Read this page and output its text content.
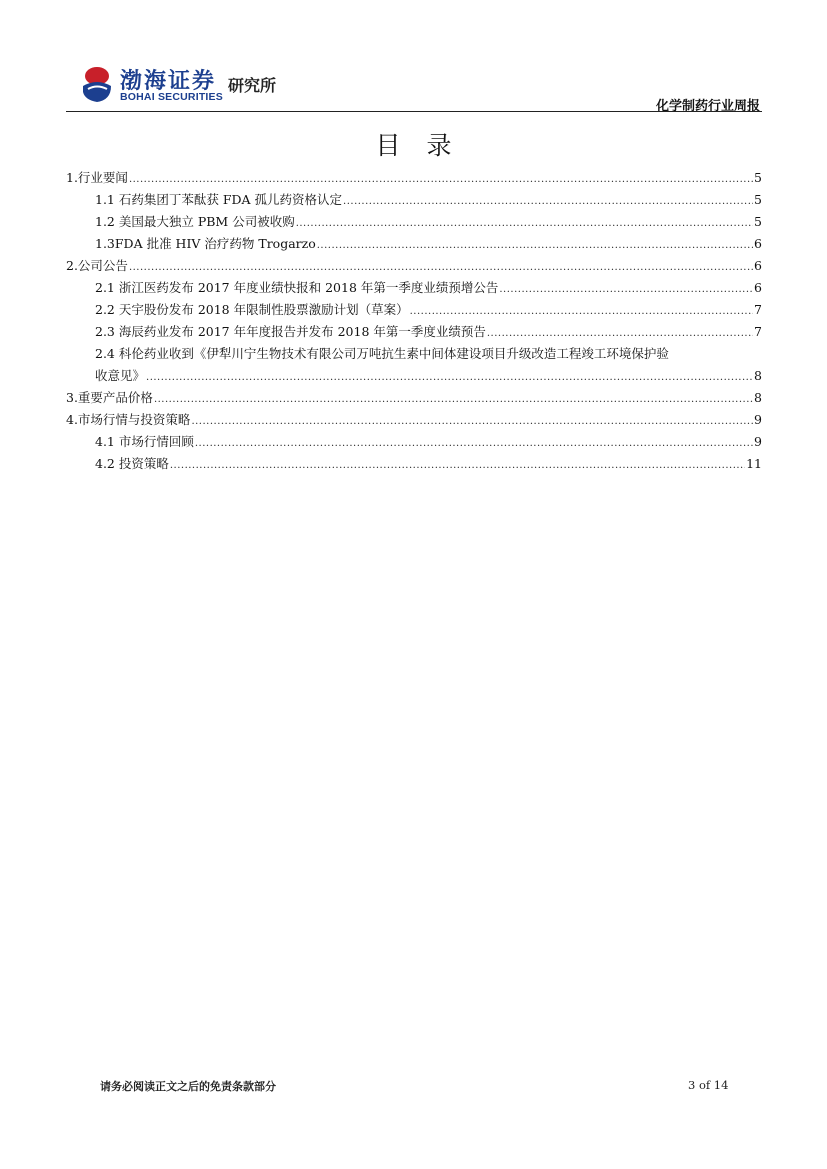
渤海证券
BOHAI SECURITIES
研究所
化学制药行业周报
目录
1.行业要闻 .....	5
1.1 石药集团丁苯酞获 FDA 孤儿药资格认定 .....	5
1.2 美国最大独立 PBM 公司被收购 .....	5
1.3FDA 批准 HIV 治疗药物 Trogarzo .....	6
2.公司公告 .....	6
2.1 浙江医药发布 2017 年度业绩快报和 2018 年第一季度业绩预增公告 .....	6
2.2 天宇股份发布 2018 年限制性股票激励计划（草案） .....	7
2.3 海辰药业发布 2017 年年度报告并发布 2018 年第一季度业绩预告 .....	7
2.4 科伦药业收到《伊犁川宁生物技术有限公司万吨抗生素中间体建设项目升级改造工程竣工环境保护验
收意见》 .....	8
3.重要产品价格 .....	8
4.市场行情与投资策略 .....	9
4.1 市场行情回顾 .....	9
4.2 投资策略 .....	11
请务必阅读正文之后的免责条款部分	3 of 14
